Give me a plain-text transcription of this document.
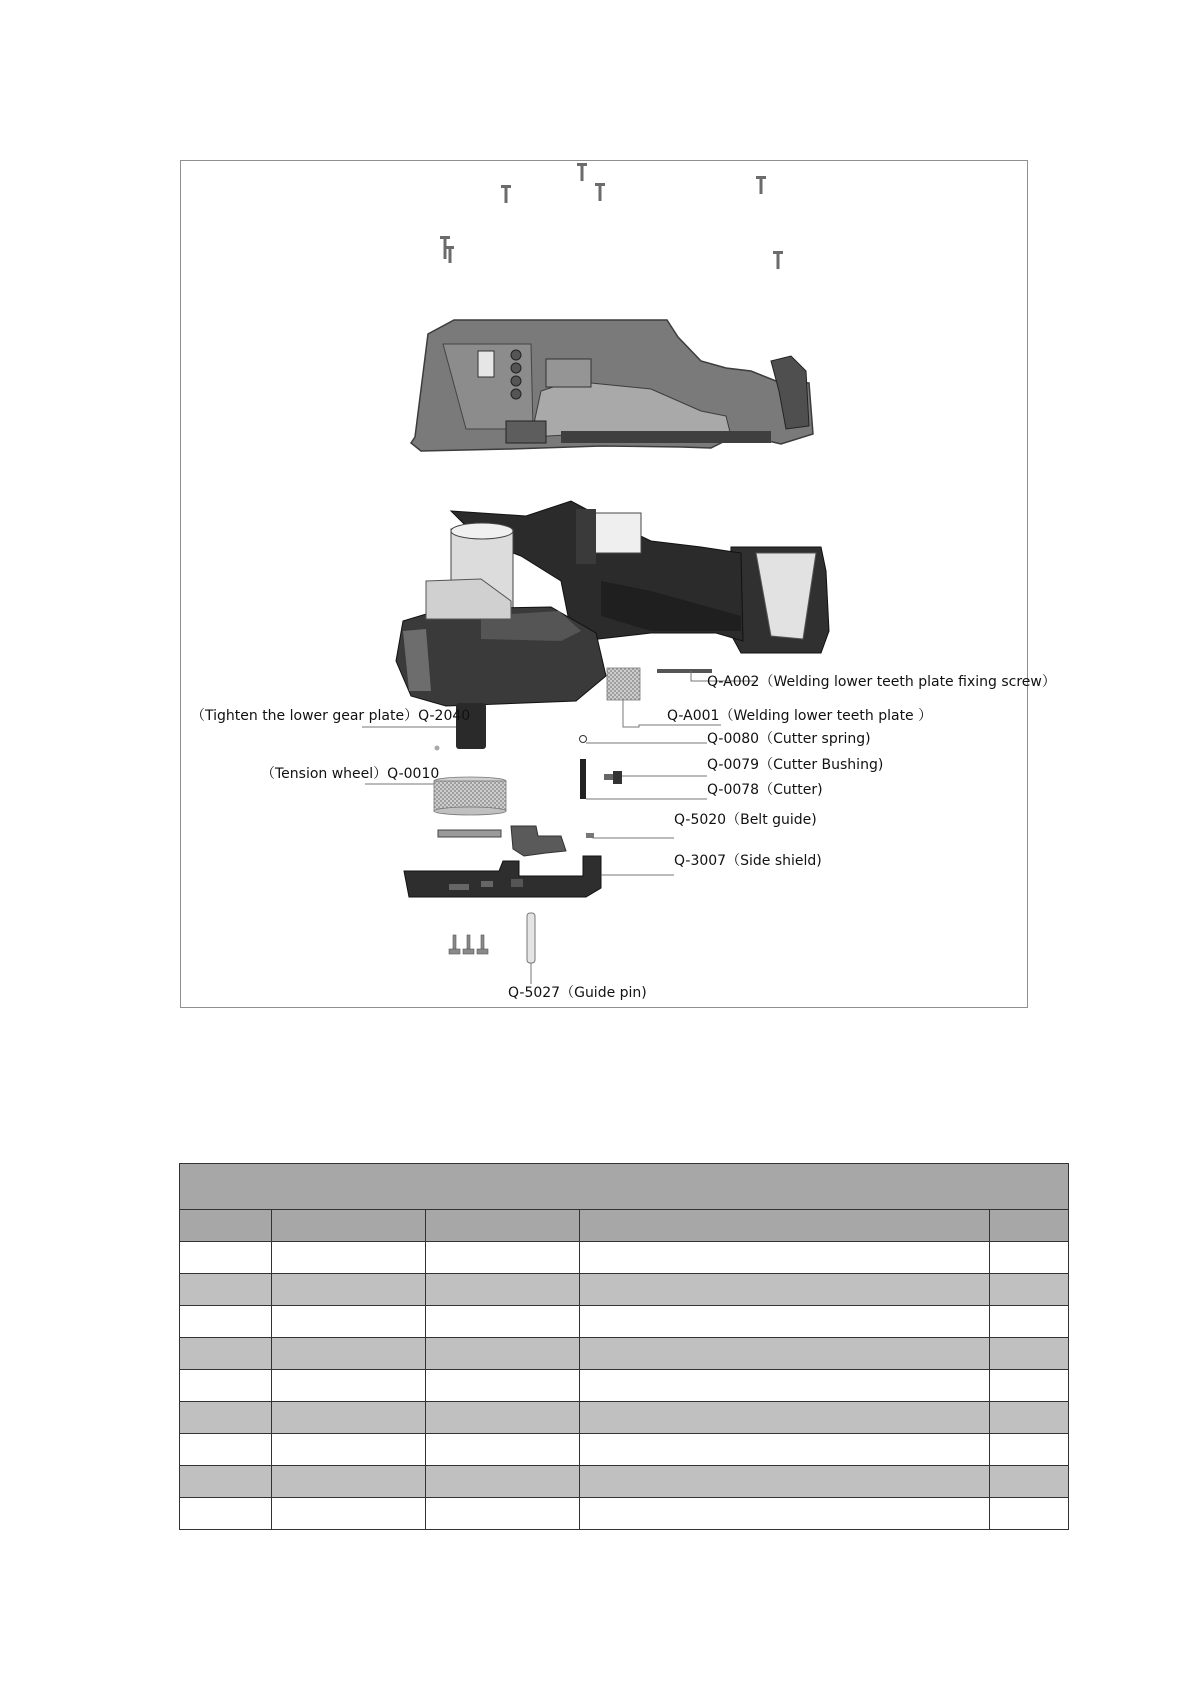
Q-A002（Welding lower teeth plate fixing screw）
Q-A001（Welding lower teeth plate ）
（Tighten the lower gear plate）Q-2040
Q-0080（Cutter spring)
（Tension wheel）Q-0010
Q-0079（Cutter Bushing)
Q-0078（Cutter)
Q-5020（Belt guide)
Q-3007（Side shield)
Q-5027（Guide pin)
